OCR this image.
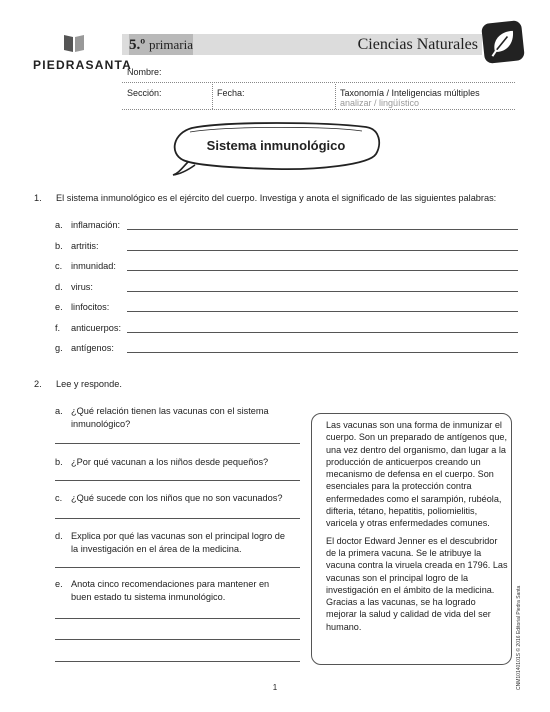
PIEDRASANTA
5.º primaria	Ciencias Naturales
Nombre:
Sección:	Fecha:	Taxonomía / Inteligencias múltiples
analizar / lingüístico
Sistema inmunológico
1. El sistema inmunológico es el ejército del cuerpo. Investiga y anota el significado de las siguientes palabras:
a. inflamación:
b. artritis:
c. inmunidad:
d. virus:
e. linfocitos:
f. anticuerpos:
g. antígenos:
2. Lee y responde.
a. ¿Qué relación tienen las vacunas con el sistema
inmunológico?
b. ¿Por qué vacunan a los niños desde pequeños?
c. ¿Qué sucede con los niños que no son vacunados?
d. Explica por qué las vacunas son el principal logro de
la investigación en el área de la medicina.
e. Anota cinco recomendaciones para mantener en
buen estado tu sistema inmunológico.

Las vacunas son una forma de inmunizar el cuerpo. Son un preparado de antígenos que, una vez dentro del organismo, dan lugar a la producción de anticuerpos creando un mecanismo de defensa en el cuerpo. Son esenciales para la protección contra enfermedades como el sarampión, rubéola, difteria, tétano, hepatitis, poliomielitis, varicela y otras enfermedades comunes.

El doctor Edward Jenner es el descubridor de la primera vacuna. Se le atribuye la vacuna contra la viruela creada en 1796. Las vacunas son el principal logro de la investigación en el ámbito de la medicina. Gracias a las vacunas, se ha logrado mejorar la salud y calidad de vida del ser humano.	CNM10140101S © 2016 Editorial Piedra Santa
1
